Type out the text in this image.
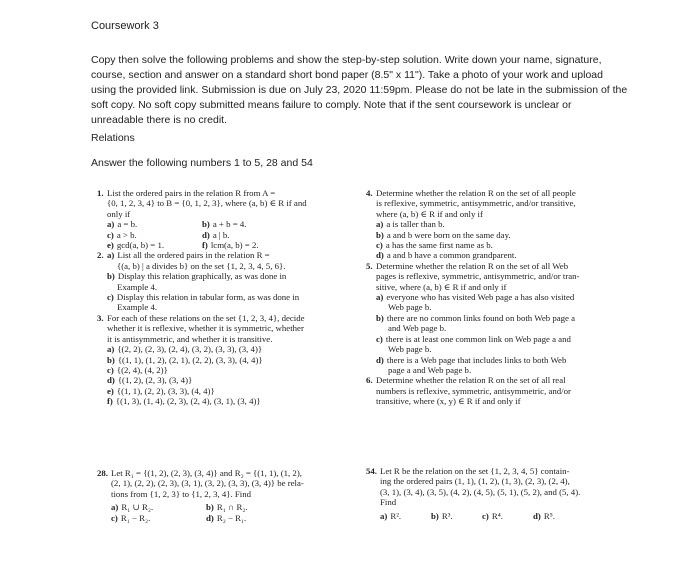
Coursework 3
Copy then solve the following problems and show the step-by-step solution. Write down your name, signature,
course, section and answer on a standard short bond paper (8.5" x 11"). Take a photo of your work and upload
using the provided link. Submission is due on July 23, 2020 11:59pm. Please do not be late in the submission of the
soft copy. No soft copy submitted means failure to comply. Note that if the sent coursework is unclear or
unreadable there is no credit.
Relations
Answer the following numbers 1 to 5, 28 and 54
1. List the ordered pairs in the relation R from A =
{0, 1, 2, 3, 4} to B = {0, 1, 2, 3}, where (a, b) ∈ R if and
only if
a) a = b.	b) a + b = 4.
c) a > b.	d) a | b.
e) gcd(a, b) = 1.	f) lcm(a, b) = 2.
2. a) List all the ordered pairs in the relation R =
{(a, b) | a divides b} on the set {1, 2, 3, 4, 5, 6}.
b) Display this relation graphically, as was done in
Example 4.
c) Display this relation in tabular form, as was done in
Example 4.
3. For each of these relations on the set {1, 2, 3, 4}, decide
whether it is reflexive, whether it is symmetric, whether
it is antisymmetric, and whether it is transitive.
a) {(2, 2), (2, 3), (2, 4), (3, 2), (3, 3), (3, 4)}
b) {(1, 1), (1, 2), (2, 1), (2, 2), (3, 3), (4, 4)}
c) {(2, 4), (4, 2)}
d) {(1, 2), (2, 3), (3, 4)}
e) {(1, 1), (2, 2), (3, 3), (4, 4)}
f) {(1, 3), (1, 4), (2, 3), (2, 4), (3, 1), (3, 4)}
4. Determine whether the relation R on the set of all people
is reflexive, symmetric, antisymmetric, and/or transitive,
where (a, b) ∈ R if and only if
a) a is taller than b.
b) a and b were born on the same day.
c) a has the same first name as b.
d) a and b have a common grandparent.
5. Determine whether the relation R on the set of all Web
pages is reflexive, symmetric, antisymmetric, and/or tran-
sitive, where (a, b) ∈ R if and only if
a) everyone who has visited Web page a has also visited
Web page b.
b) there are no common links found on both Web page a
and Web page b.
c) there is at least one common link on Web page a and
Web page b.
d) there is a Web page that includes links to both Web
page a and Web page b.
6. Determine whether the relation R on the set of all real
numbers is reflexive, symmetric, antisymmetric, and/or
transitive, where (x, y) ∈ R if and only if
28. Let R₁ = {(1, 2), (2, 3), (3, 4)} and R₂ = {(1, 1), (1, 2),
(2, 1), (2, 2), (2, 3), (3, 1), (3, 2), (3, 3), (3, 4)} be rela-
tions from {1, 2, 3} to {1, 2, 3, 4}. Find
a) R₁ ∪ R₂.	b) R₁ ∩ R₂.
c) R₁ − R₂.	d) R₂ − R₁.
54. Let R be the relation on the set {1, 2, 3, 4, 5} contain-
ing the ordered pairs (1, 1), (1, 2), (1, 3), (2, 3), (2, 4),
(3, 1), (3, 4), (3, 5), (4, 2), (4, 5), (5, 1), (5, 2), and (5, 4).
Find
a) R².	b) R³.	c) R⁴.	d) R⁵.
